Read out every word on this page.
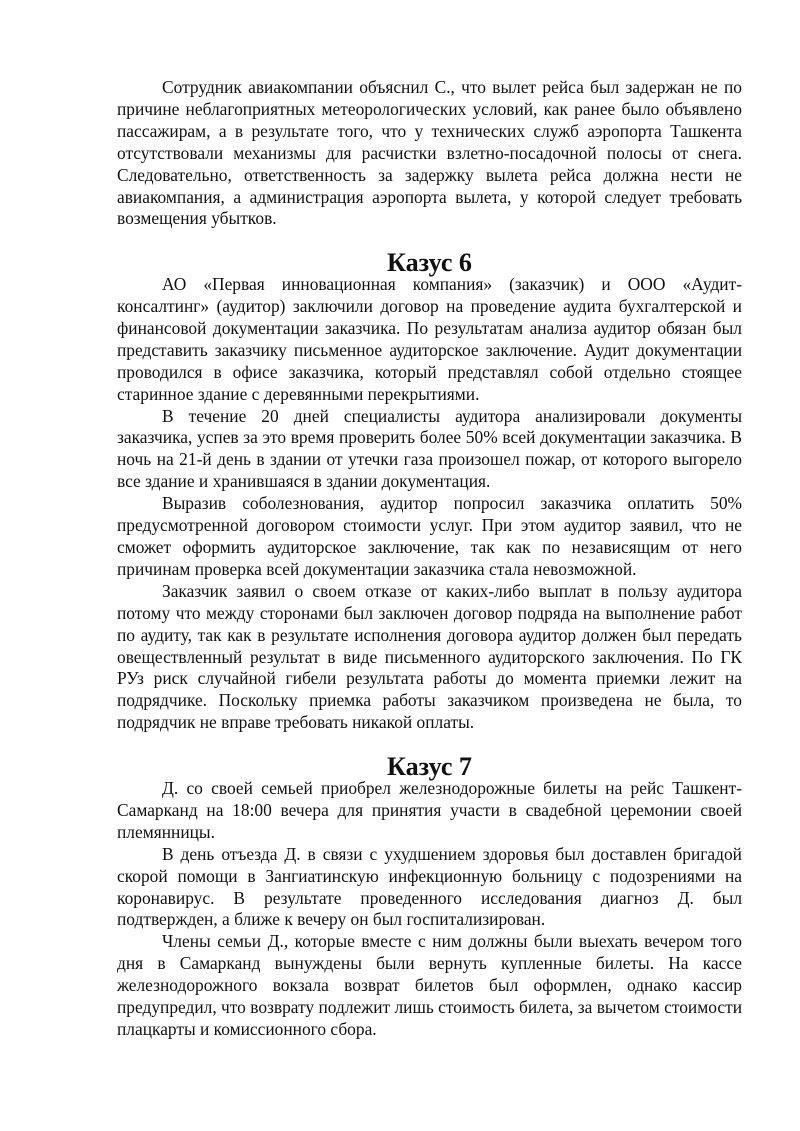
Сотрудник авиакомпании объяснил С., что вылет рейса был задержан не по причине неблагоприятных метеорологических условий, как ранее было объявлено пассажирам, а в результате того, что у технических служб аэропорта Ташкента отсутствовали механизмы для расчистки взлетно-посадочной полосы от снега. Следовательно, ответственность за задержку вылета рейса должна нести не авиакомпания, а администрация аэропорта вылета, у которой следует требовать возмещения убытков.

Казус 6

АО «Первая инновационная компания» (заказчик) и ООО «Аудит-консалтинг» (аудитор) заключили договор на проведение аудита бухгалтерской и финансовой документации заказчика. По результатам анализа аудитор обязан был представить заказчику письменное аудиторское заключение. Аудит документации проводился в офисе заказчика, который представлял собой отдельно стоящее старинное здание с деревянными перекрытиями.

В течение 20 дней специалисты аудитора анализировали документы заказчика, успев за это время проверить более 50% всей документации заказчика. В ночь на 21-й день в здании от утечки газа произошел пожар, от которого выгорело все здание и хранившаяся в здании документация.

Выразив соболезнования, аудитор попросил заказчика оплатить 50% предусмотренной договором стоимости услуг. При этом аудитор заявил, что не сможет оформить аудиторское заключение, так как по независящим от него причинам проверка всей документации заказчика стала невозможной.

Заказчик заявил о своем отказе от каких-либо выплат в пользу аудитора потому что между сторонами был заключен договор подряда на выполнение работ по аудиту, так как в результате исполнения договора аудитор должен был передать овеществленный результат в виде письменного аудиторского заключения. По ГК РУз риск случайной гибели результата работы до момента приемки лежит на подрядчике. Поскольку приемка работы заказчиком произведена не была, то подрядчик не вправе требовать никакой оплаты.

Казус 7

Д. со своей семьей приобрел железнодорожные билеты на рейс Ташкент-Самарканд на 18:00 вечера для принятия участи в свадебной церемонии своей племянницы.

В день отъезда Д. в связи с ухудшением здоровья был доставлен бригадой скорой помощи в Зангиатинскую инфекционную больницу с подозрениями на коронавирус. В результате проведенного исследования диагноз Д. был подтвержден, а ближе к вечеру он был госпитализирован.

Члены семьи Д., которые вместе с ним должны были выехать вечером того дня в Самарканд вынуждены были вернуть купленные билеты. На кассе железнодорожного вокзала возврат билетов был оформлен, однако кассир предупредил, что возврату подлежит лишь стоимость билета, за вычетом стоимости плацкарты и комиссионного сбора.
